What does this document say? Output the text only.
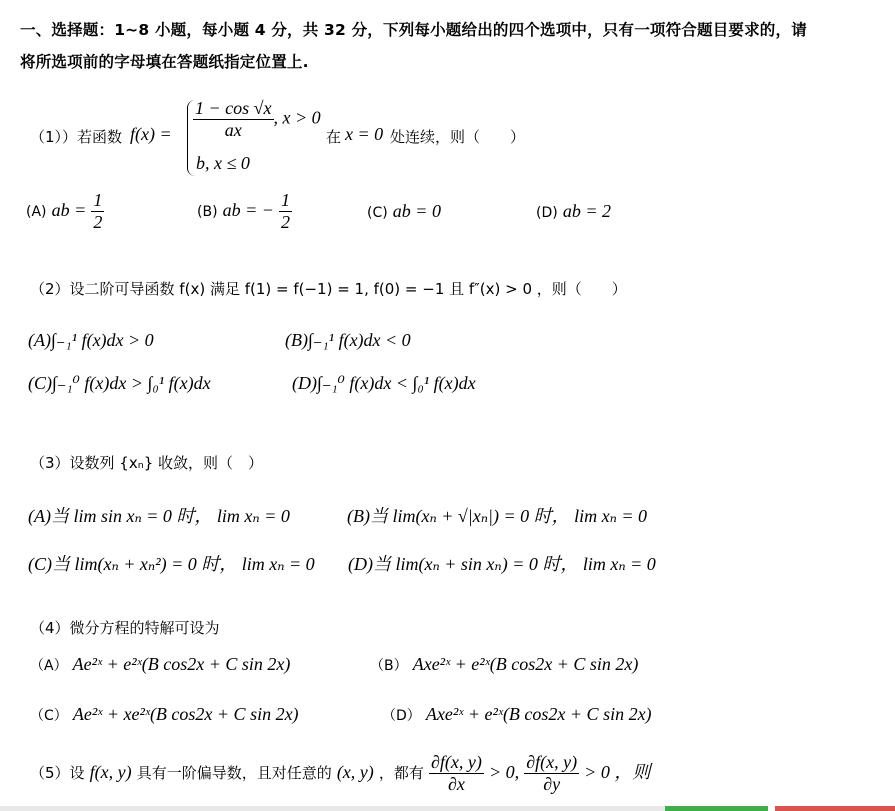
一、选择题：1~8 小题，每小题 4 分，共 32 分，下列每小题给出的四个选项中，只有一项符合题目要求的，请
将所选项前的字母填在答题纸指定位置上.
（1））若函数 $f(x) = \frac{1 - \cos √x}{ax}$ , x > 0
b, x ≤ 0
在 x = 0 处连续，则（　　）
(A) ab = $\frac{1}{2}$	(B) ab = − $\frac{1}{2}$	(C) ab = 0	(D) ab = 2
（2）设二阶可导函数 f(x) 满足 f(1) = f(−1) = 1, f(0) = −1 且 f″(x) > 0 ，则（　　）
(A)∫₋₁¹ f(x)dx > 0	(B)∫₋₁¹ f(x)dx < 0
(C)∫₋₁⁰ f(x)dx > ∫₀¹ f(x)dx	(D)∫₋₁⁰ f(x)dx < ∫₀¹ f(x)dx
（3）设数列 {xₙ} 收敛，则（　）
(A)当 lim sin xₙ = 0 时， lim xₙ = 0	(B)当 lim(xₙ + √|xₙ|) = 0 时， lim xₙ = 0
(C)当 lim(xₙ + xₙ²) = 0 时， lim xₙ = 0 (D)当 lim(xₙ + sin xₙ) = 0 时， lim xₙ = 0
（4）微分方程的特解可设为
（A） Ae²ˣ + e²ˣ(B cos2x + C sin 2x)	（B） Axe²ˣ + e²ˣ(B cos2x + C sin 2x)
（C） Ae²ˣ + xe²ˣ(B cos2x + C sin 2x)	（D） Axe²ˣ + e²ˣ(B cos2x + C sin 2x)
（5）设 f(x, y) 具有一阶偏导数，且对任意的 (x, y) ，都有 $\frac{\partial f(x, y)}{\partial x} > 0$, $\frac{\partial f(x, y)}{\partial y} > 0$ ，则
